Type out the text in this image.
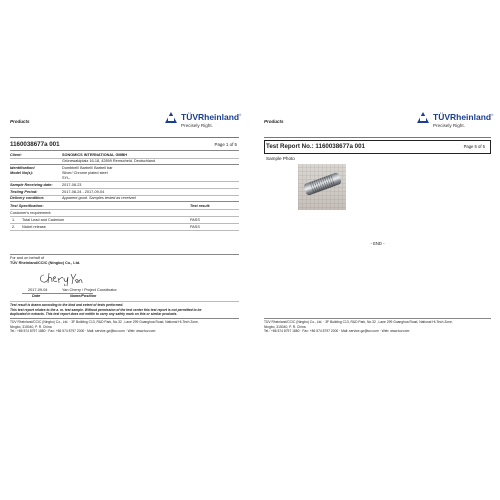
Products	TÜVRheinland®
Precisely Right.
1160038677a 001	Page 1 of 5
Client:	SONOMICS INTERNATIONAL GMBH
Grünewaldplatz 16-18, 42899 Remscheid, Deutschland
Identification/	Dumbbell/ Barbell/ Barbell bar
Model No(s):	Silver/ Chrome plated steel
SYL-
Sample Receiving date: 2017-08-23
Testing Period:	2017-08-24 - 2017-09-04
Delivery condition:	Apparent good. Samples tested as received
Test Specification:	Test result:
Customer's requirement:
1. Total Lead and Cadmium	PASS
2. Nickel release	PASS
For and on behalf of
TÜV Rheinland/CCIC (Ningbo) Co., Ltd.
2017-09-04	Yan Cherry / Project Coordinator
Date	Name/Position
Test result is drawn according to the kind and extent of tests performed.
This test report relates to the a. m. test sample. Without permission of the test center this test report is not permitted to be
duplicated in extracts. This test report does not entitle to carry any safety mark on this or similar products.
TÜV Rheinland/CCIC (Ningbo) Co., Ltd. · 3F Building C13, R&D Park, No.32 , Lane 299 Guanghua Road, National Hi-Tech Zone,
Ningbo, 315040, P. R. China
Tel.: +86 574 8797 1880 · Fax: +86 574 8797 2000 · Mail: service-gz@tuv.com · Web: www.tuv.com
Products	TÜVRheinland®
Precisely Right.
Test Report No.: 1160038677a 001	Page 5 of 5
Sample Photo
- END -
TÜV Rheinland/CCIC (Ningbo) Co., Ltd. · 3F Building C13, R&D Park, No.32 , Lane 299 Guanghua Road, National Hi-Tech Zone,
Ningbo, 315040, P. R. China
Tel.: +86 574 8797 1880 · Fax: +86 574 8797 2000 · Mail: service-gz@tuv.com · Web: www.tuv.com
